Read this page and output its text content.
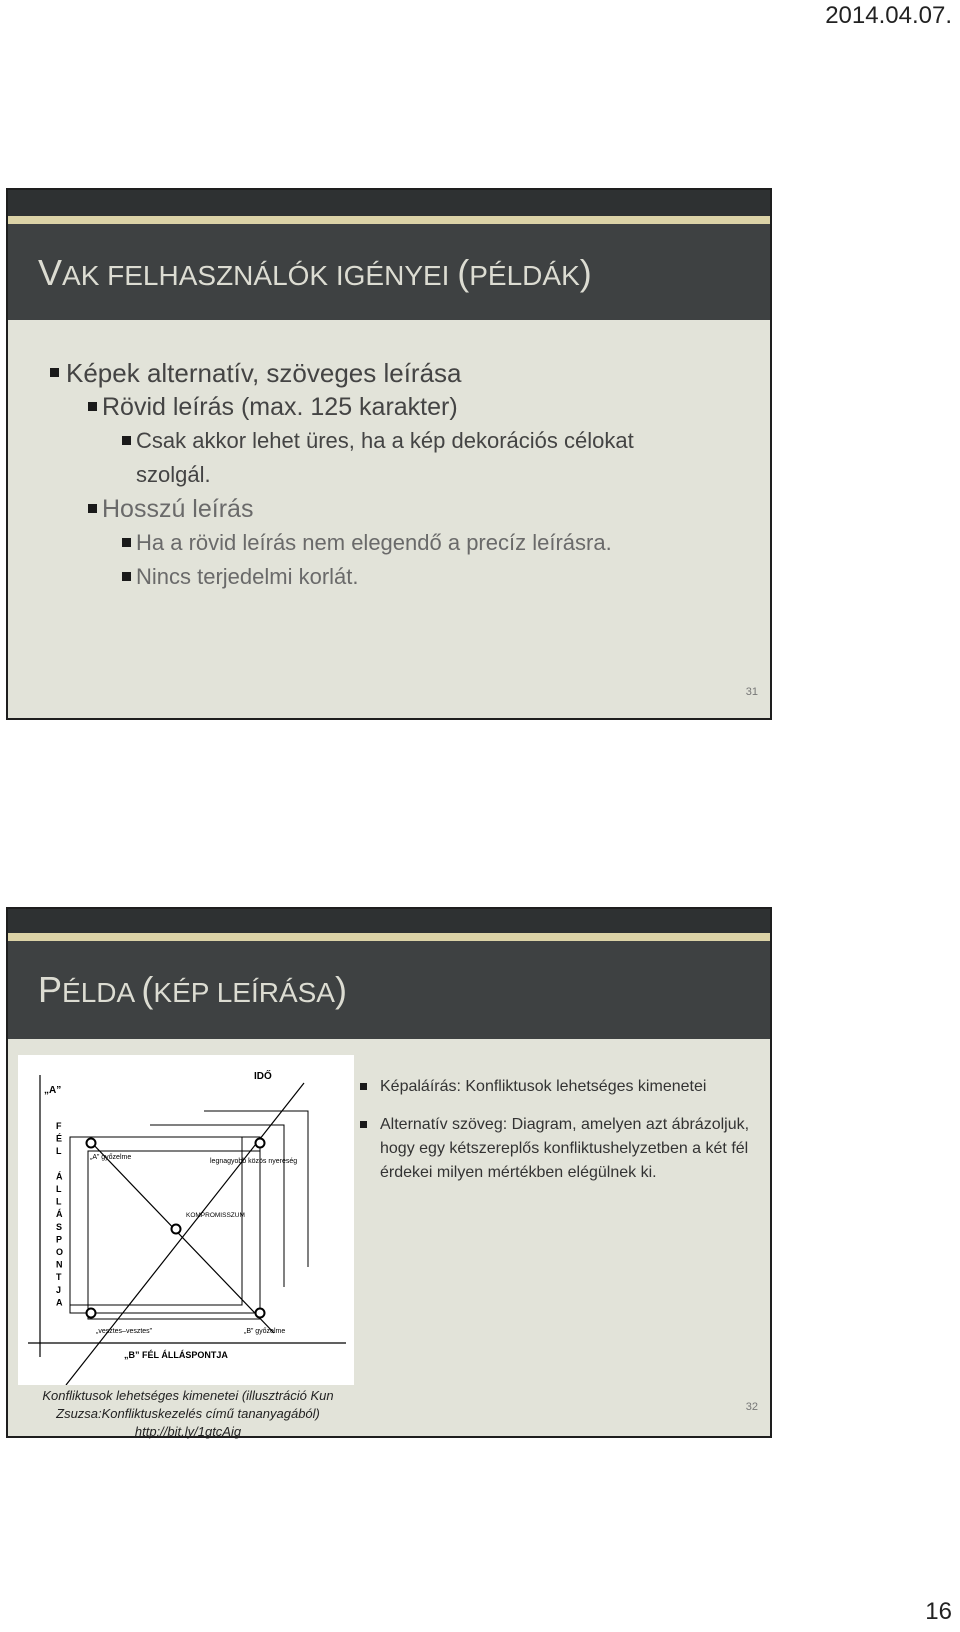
2014.04.07.
VAK FELHASZNÁLÓK IGÉNYEI (PÉLDÁK)
Képek alternatív, szöveges leírása
Rövid leírás (max. 125 karakter)
Csak akkor lehet üres, ha a kép dekorációs célokat szolgál.
Hosszú leírás
Ha a rövid leírás nem elegendő a precíz leírásra.
Nincs terjedelmi korlát.
31
PÉLDA (KÉP LEÍRÁSA)
„A”
IDŐ
F
É
L
Á
L
L
Á
S
P
O
N
T
J
A
„A” győzelme
legnagyobb közös nyereség
KOMPROMISSZUM
„vesztes–vesztes”	„B” győzelme
„B” FÉL ÁLLÁSPONTJA
Konfliktusok lehetséges kimenetei (illusztráció Kun
Zsuzsa:Konfliktuskezelés című tananyagából)
http://bit.ly/1gtcAig
Képaláírás: Konfliktusok lehetséges kimenetei
Alternatív szöveg: Diagram, amelyen azt ábrázoljuk, hogy egy kétszereplős konfliktushelyzetben a két fél érdekei milyen mértékben elégülnek ki.
32
16
